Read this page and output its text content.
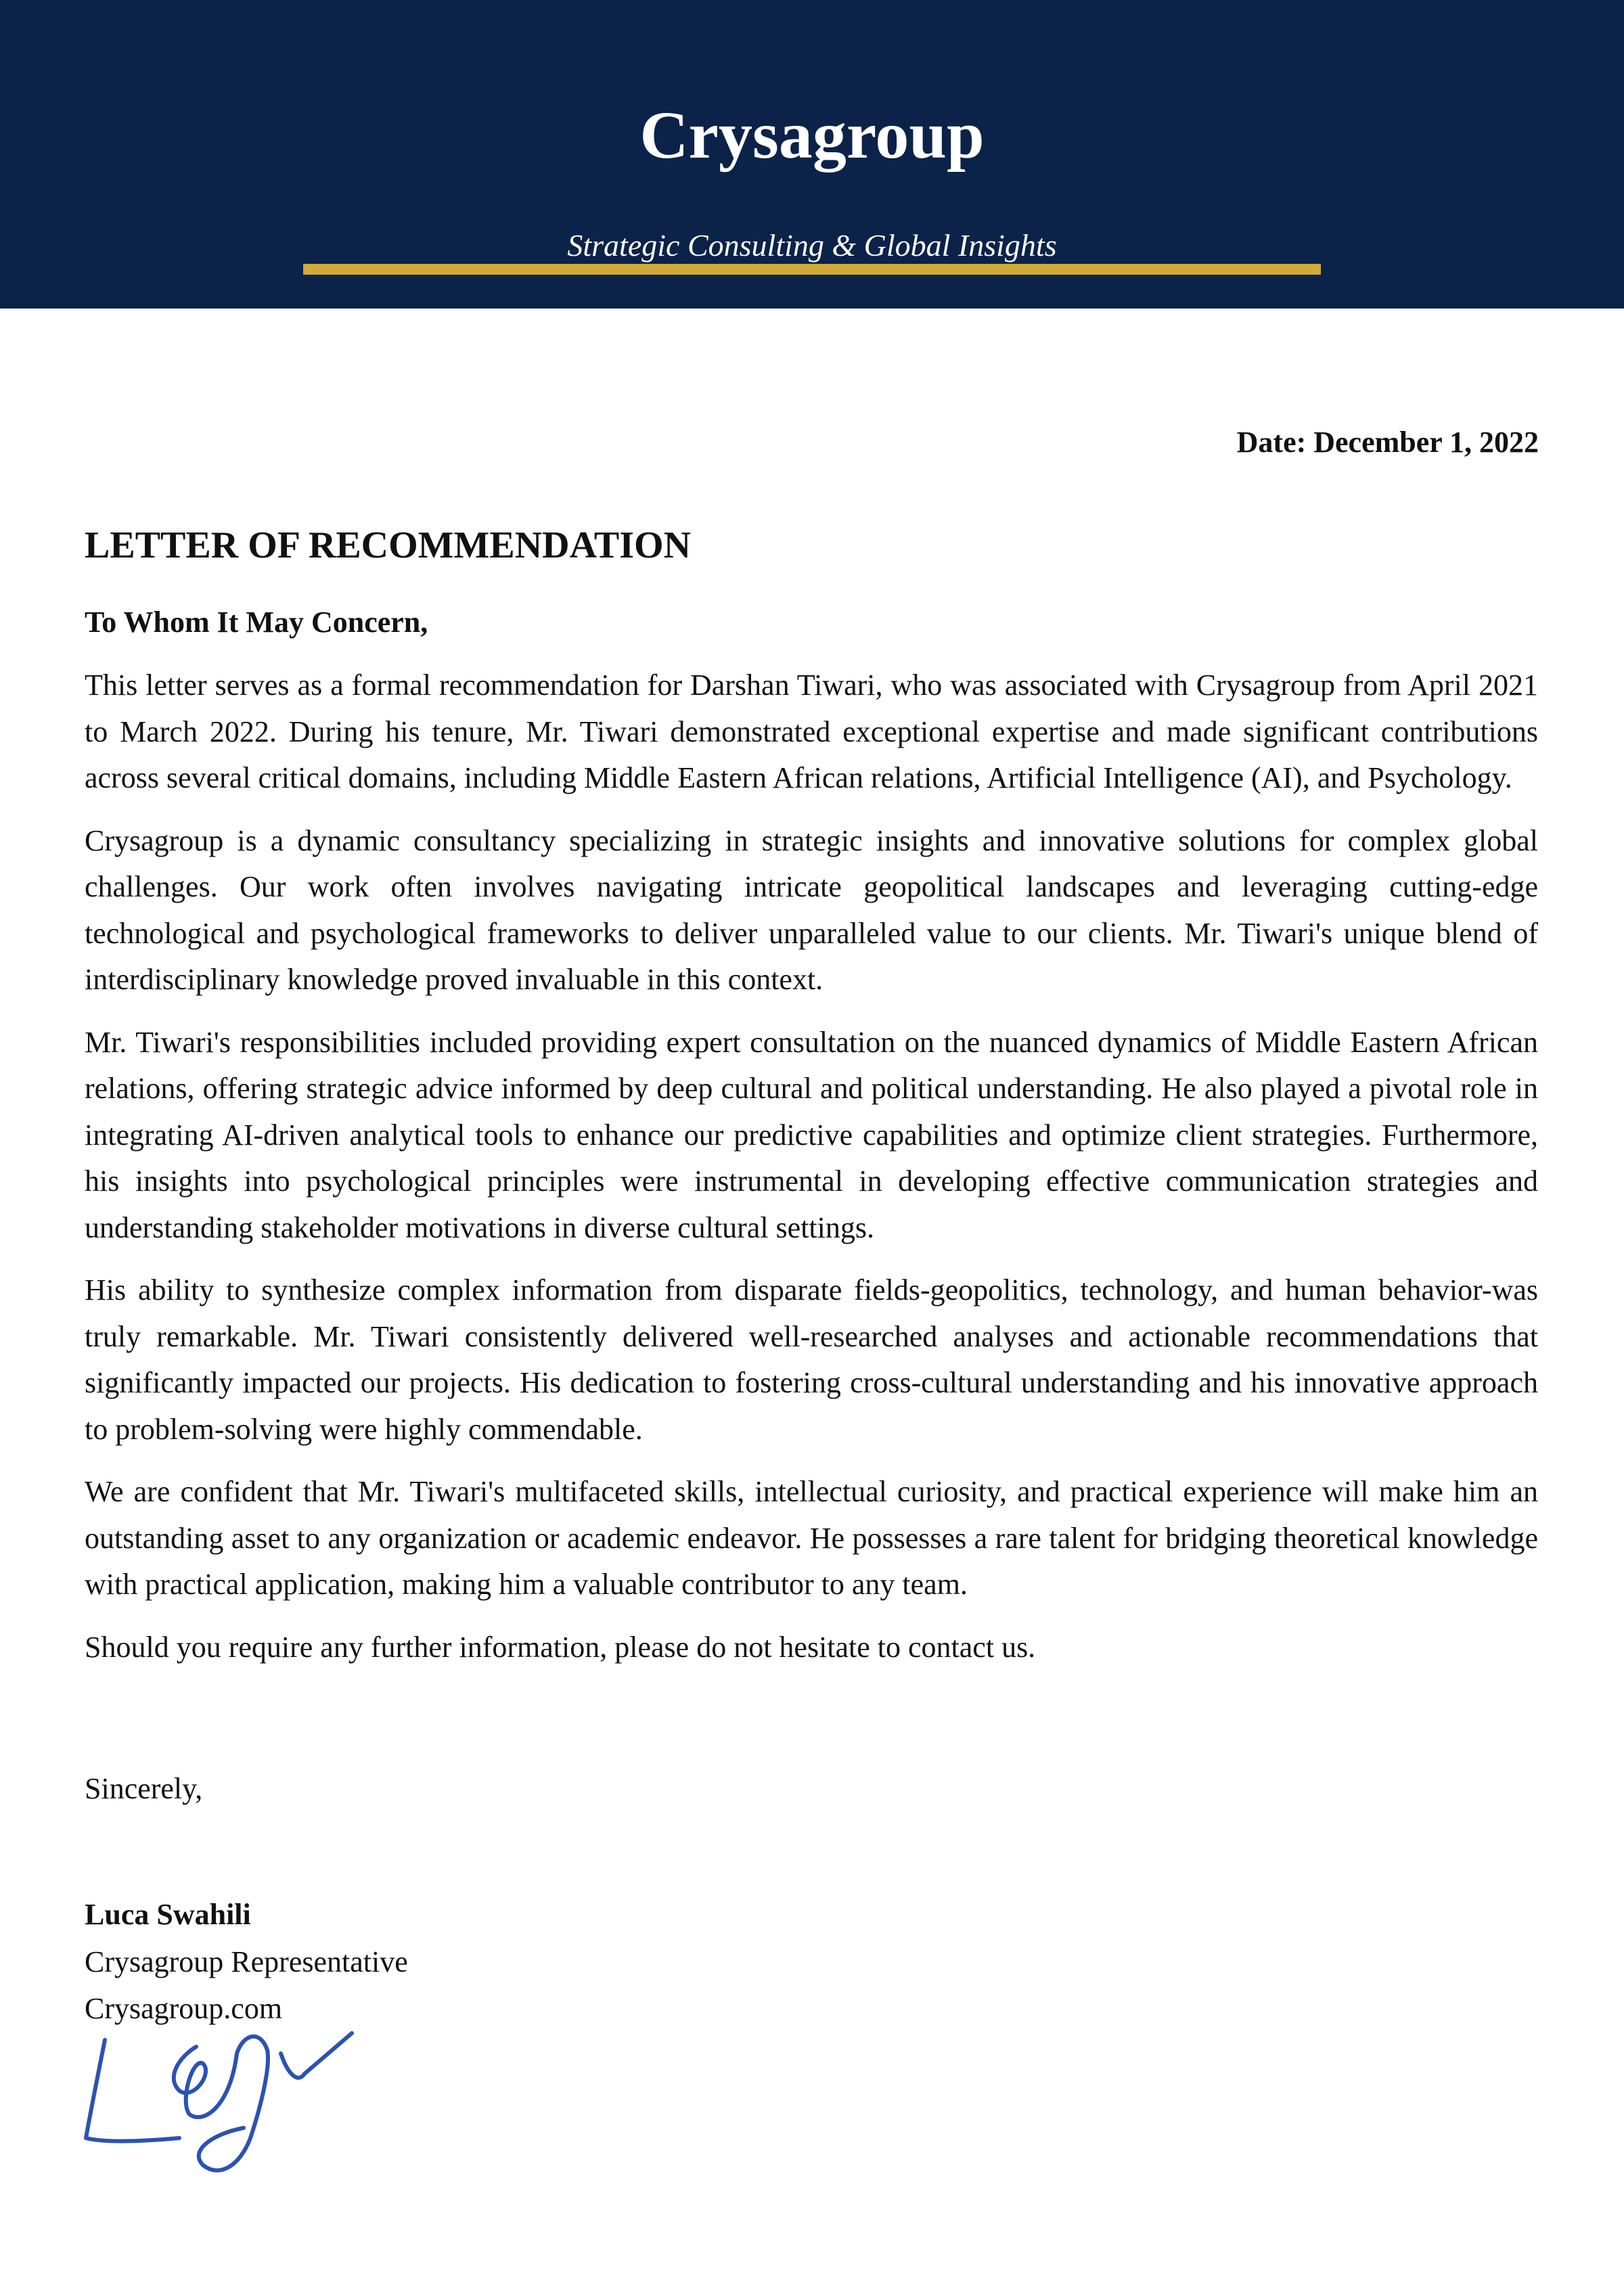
Crysagroup
Strategic Consulting & Global Insights
Date: December 1, 2022
LETTER OF RECOMMENDATION
To Whom It May Concern,

This letter serves as a formal recommendation for Darshan Tiwari, who was associated with Crysagroup from April 2021 to March 2022. During his tenure, Mr. Tiwari demonstrated exceptional expertise and made significant contributions across several critical domains, including Middle Eastern African relations, Artificial Intelligence (AI), and Psychology.

Crysagroup is a dynamic consultancy specializing in strategic insights and innovative solutions for complex global challenges. Our work often involves navigating intricate geopolitical landscapes and leveraging cutting-edge technological and psychological frameworks to deliver unparalleled value to our clients. Mr. Tiwari's unique blend of interdisciplinary knowledge proved invaluable in this context.

Mr. Tiwari's responsibilities included providing expert consultation on the nuanced dynamics of Middle Eastern African relations, offering strategic advice informed by deep cultural and political understanding. He also played a pivotal role in integrating AI-driven analytical tools to enhance our predictive capabilities and optimize client strategies. Furthermore, his insights into psychological principles were instrumental in developing effective communication strategies and understanding stakeholder motivations in diverse cultural settings.

His ability to synthesize complex information from disparate fields-geopolitics, technology, and human behavior-was truly remarkable. Mr. Tiwari consistently delivered well-researched analyses and actionable recommendations that significantly impacted our projects. His dedication to fostering cross-cultural understanding and his innovative approach to problem-solving were highly commendable.

We are confident that Mr. Tiwari's multifaceted skills, intellectual curiosity, and practical experience will make him an outstanding asset to any organization or academic endeavor. He possesses a rare talent for bridging theoretical knowledge with practical application, making him a valuable contributor to any team.

Should you require any further information, please do not hesitate to contact us.

Sincerely,
Luca Swahili
Crysagroup Representative
Crysagroup.com
